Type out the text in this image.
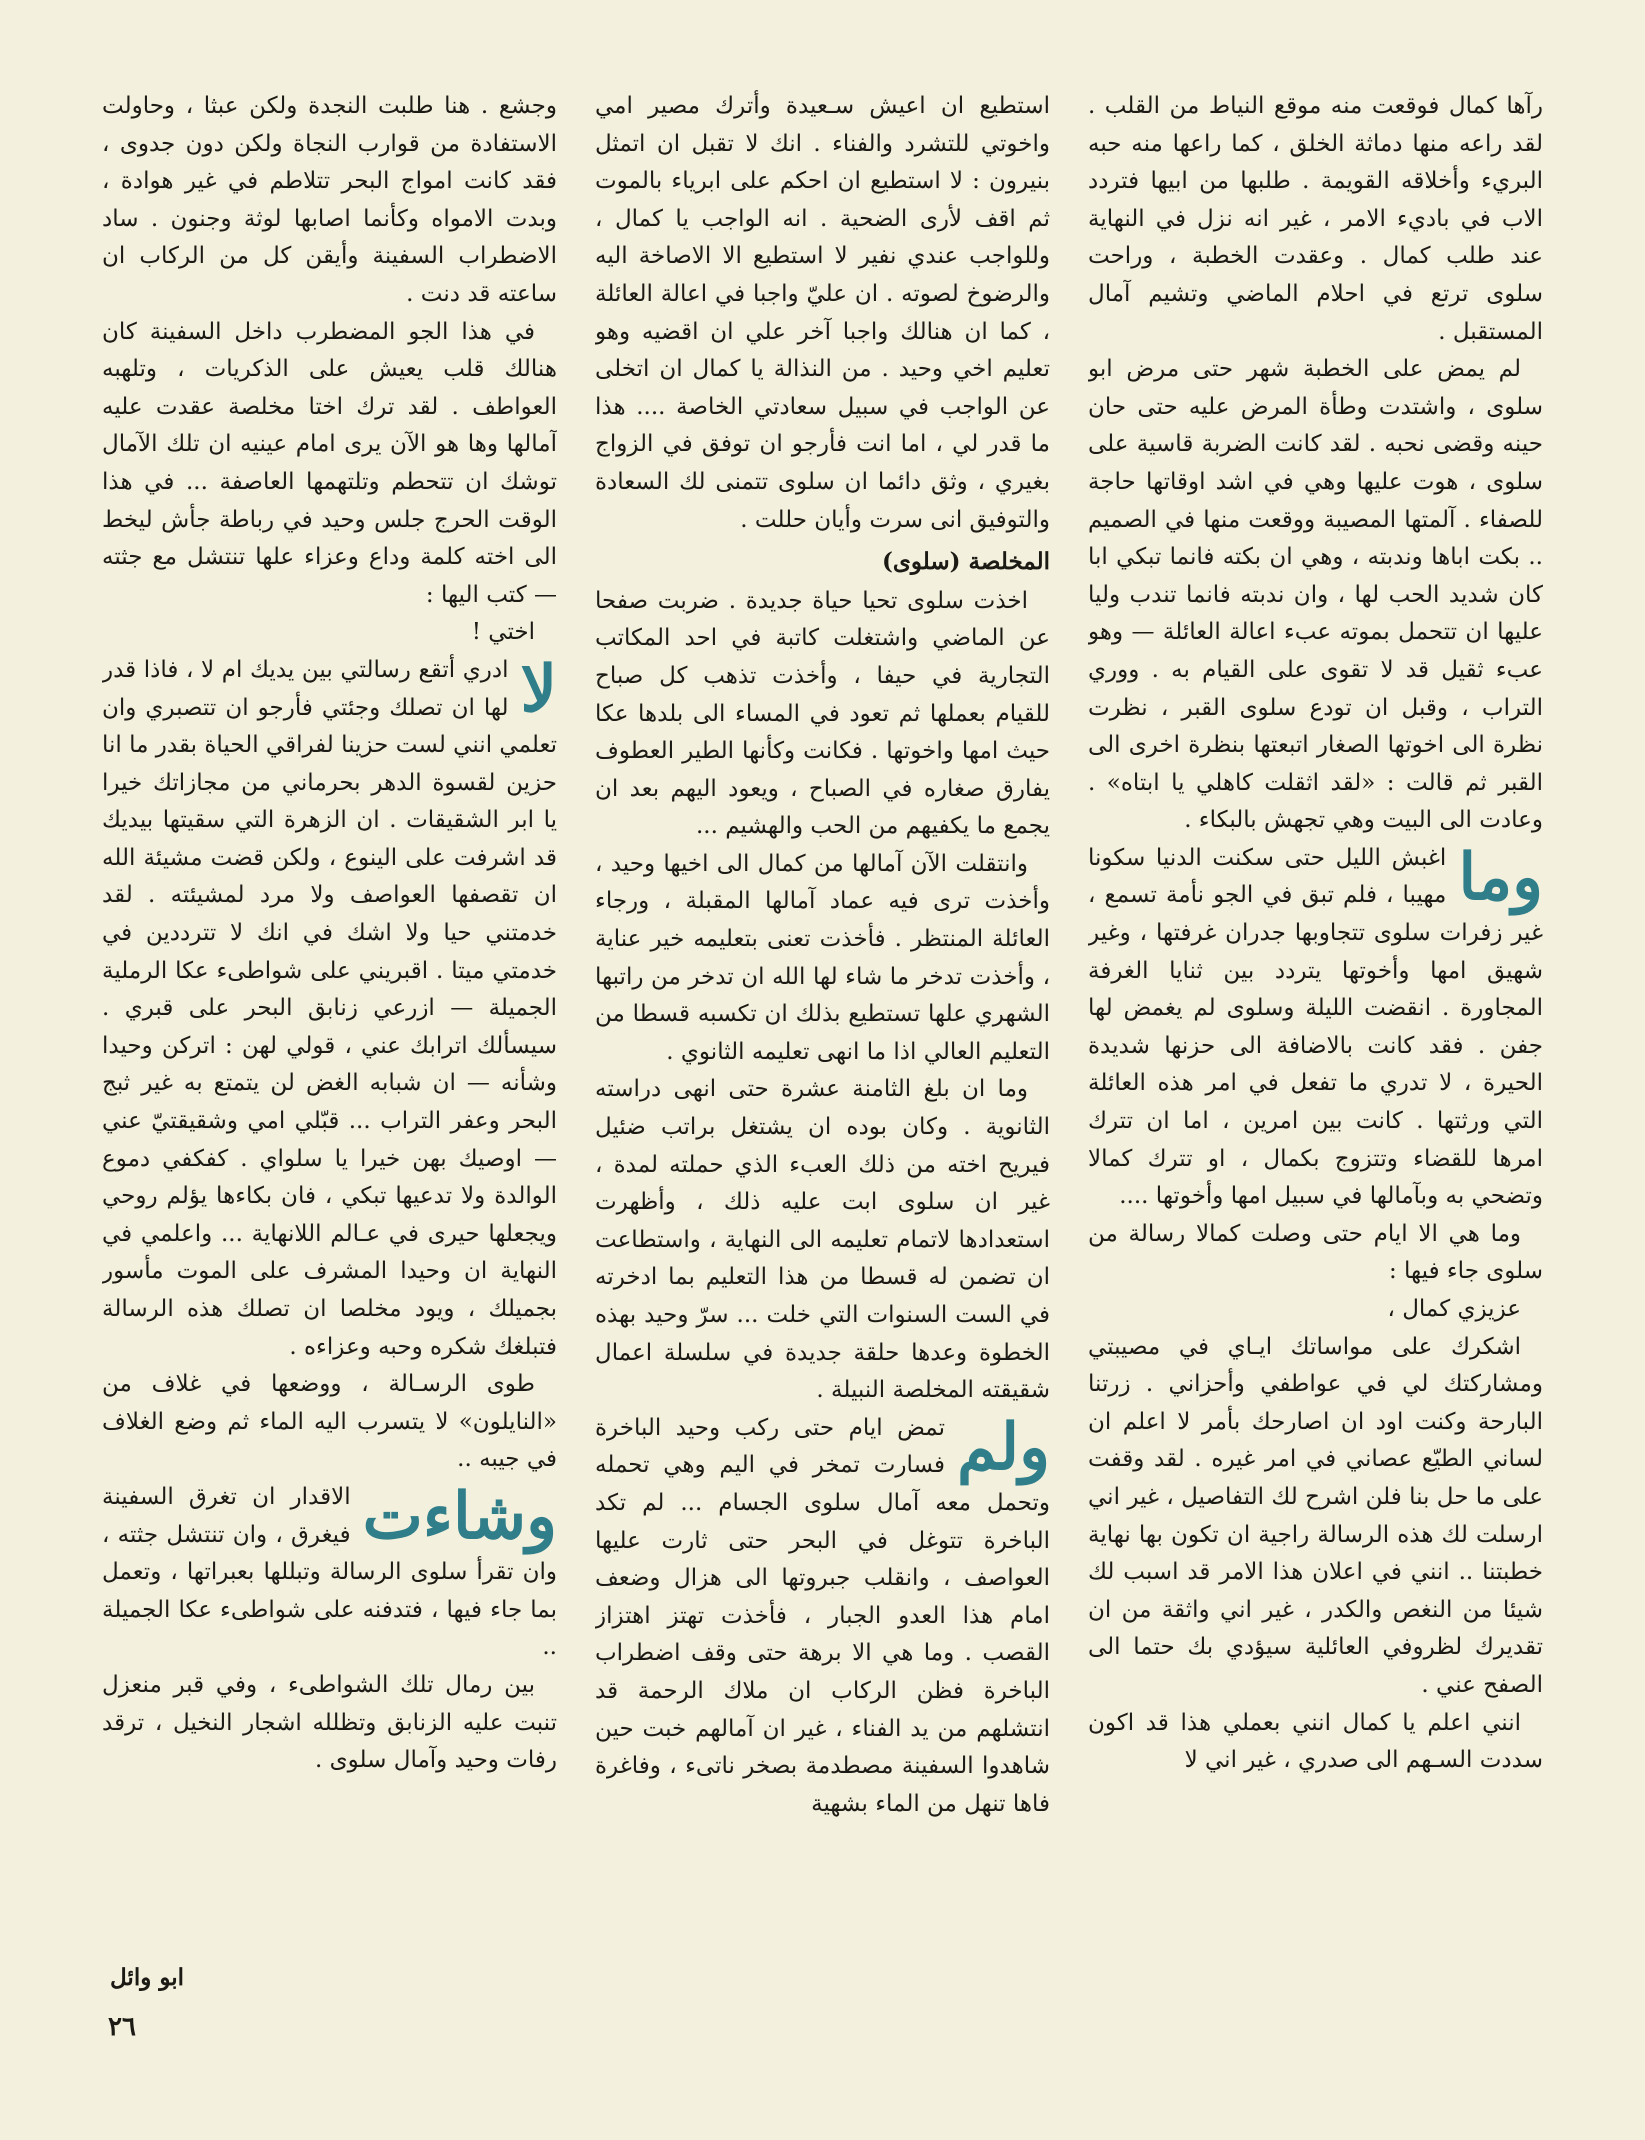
رآها كمال فوقعت منه موقع النياط من القلب . لقد راعه منها دماثة الخلق ، كما راعها منه حبه البريء وأخلاقه القويمة . طلبها من ابيها فتردد الاب في باديء الامر ، غير انه نزل في النهاية عند طلب كمال . وعقدت الخطبة ، وراحت سلوى ترتع في احلام الماضي وتشيم آمال المستقبل .

لم يمض على الخطبة شهر حتى مرض ابو سلوى ، واشتدت وطأة المرض عليه حتى حان حينه وقضى نحبه . لقد كانت الضربة قاسية على سلوى ، هوت عليها وهي في اشد اوقاتها حاجة للصفاء . آلمتها المصيبة ووقعت منها في الصميم .. بكت اباها وندبته ، وهي ان بكته فانما تبكي ابا كان شديد الحب لها ، وان ندبته فانما تندب وليا عليها ان تتحمل بموته عبء اعالة العائلة — وهو عبء ثقيل قد لا تقوى على القيام به . ووري التراب ، وقبل ان تودع سلوى القبر ، نظرت نظرة الى اخوتها الصغار اتبعتها بنظرة اخرى الى القبر ثم قالت : «لقد اثقلت كاهلي يا ابتاه» . وعادت الى البيت وهي تجهش بالبكاء .

وما
اغبش الليل حتى سكنت الدنيا سكونا مهيبا ، فلم تبق في الجو نأمة تسمع ، غير زفرات سلوى تتجاوبها جدران غرفتها ، وغير شهيق امها وأخوتها يتردد بين ثنايا الغرفة المجاورة . انقضت الليلة وسلوى لم يغمض لها جفن . فقد كانت بالاضافة الى حزنها شديدة الحيرة ، لا تدري ما تفعل في امر هذه العائلة التي ورثتها . كانت بين امرين ، اما ان تترك امرها للقضاء وتتزوج بكمال ، او تترك كمالا وتضحي به وبآمالها في سبيل امها وأخوتها ....

وما هي الا ايام حتى وصلت كمالا رسالة من سلوى جاء فيها :

عزيزي كمال ،

اشكرك على مواساتك ايـاي في مصيبتي ومشاركتك لي في عواطفي وأحزاني . زرتنا البارحة وكنت اود ان اصارحك بأمر لا اعلم ان لساني الطيّع عصاني في امر غيره . لقد وقفت على ما حل بنا فلن اشرح لك التفاصيل ، غير اني ارسلت لك هذه الرسالة راجية ان تكون بها نهاية خطبتنا .. انني في اعلان هذا الامر قد اسبب لك شيئا من النغص والكدر ، غير اني واثقة من ان تقديرك لظروفي العائلية سيؤدي بك حتما الى الصفح عني .

انني اعلم يا كمال انني بعملي هذا قد اكون سددت السـهم الى صدري ، غير اني لا

استطيع ان اعيش سـعيدة وأترك مصير امي واخوتي للتشرد والفناء . انك لا تقبل ان اتمثل بنيرون : لا استطيع ان احكم على ابرياء بالموت ثم اقف لأرى الضحية . انه الواجب يا كمال ، وللواجب عندي نفير لا استطيع الا الاصاخة اليه والرضوخ لصوته . ان عليّ واجبا في اعالة العائلة ، كما ان هنالك واجبا آخر علي ان اقضيه وهو تعليم اخي وحيد . من النذالة يا كمال ان اتخلى عن الواجب في سبيل سعادتي الخاصة .... هذا ما قدر لي ، اما انت فأرجو ان توفق في الزواج بغيري ، وثق دائما ان سلوى تتمنى لك السعادة والتوفيق انى سرت وأيان حللت .

المخلصة (سلوى)

اخذت سلوى تحيا حياة جديدة . ضربت صفحا عن الماضي واشتغلت كاتبة في احد المكاتب التجارية في حيفا ، وأخذت تذهب كل صباح للقيام بعملها ثم تعود في المساء الى بلدها عكا حيث امها واخوتها . فكانت وكأنها الطير العطوف يفارق صغاره في الصباح ، ويعود اليهم بعد ان يجمع ما يكفيهم من الحب والهشيم ...

وانتقلت الآن آمالها من كمال الى اخيها وحيد ، وأخذت ترى فيه عماد آمالها المقبلة ، ورجاء العائلة المنتظر . فأخذت تعنى بتعليمه خير عناية ، وأخذت تدخر ما شاء لها الله ان تدخر من راتبها الشهري علها تستطيع بذلك ان تكسبه قسطا من التعليم العالي اذا ما انهى تعليمه الثانوي .

وما ان بلغ الثامنة عشرة حتى انهى دراسته الثانوية . وكان بوده ان يشتغل براتب ضئيل فيريح اخته من ذلك العبء الذي حملته لمدة ، غير ان سلوى ابت عليه ذلك ، وأظهرت استعدادها لاتمام تعليمه الى النهاية ، واستطاعت ان تضمن له قسطا من هذا التعليم بما ادخرته في الست السنوات التي خلت ... سرّ وحيد بهذه الخطوة وعدها حلقة جديدة في سلسلة اعمال شقيقته المخلصة النبيلة .

ولم
تمض ايام حتى ركب وحيد الباخرة فسارت تمخر في اليم وهي تحمله وتحمل معه آمال سلوى الجسام ... لم تكد الباخرة تتوغل في البحر حتى ثارت عليها العواصف ، وانقلب جبروتها الى هزال وضعف امام هذا العدو الجبار ، فأخذت تهتز اهتزاز القصب . وما هي الا برهة حتى وقف اضطراب الباخرة فظن الركاب ان ملاك الرحمة قد انتشلهم من يد الفناء ، غير ان آمالهم خبت حين شاهدوا السفينة مصطدمة بصخر ناتىء ، وفاغرة فاها تنهل من الماء بشهية

وجشع . هنا طلبت النجدة ولكن عبثا ، وحاولت الاستفادة من قوارب النجاة ولكن دون جدوى ، فقد كانت امواج البحر تتلاطم في غير هوادة ، وبدت الامواه وكأنما اصابها لوثة وجنون . ساد الاضطراب السفينة وأيقن كل من الركاب ان ساعته قد دنت .

في هذا الجو المضطرب داخل السفينة كان هنالك قلب يعيش على الذكريات ، وتلهبه العواطف . لقد ترك اختا مخلصة عقدت عليه آمالها وها هو الآن يرى امام عينيه ان تلك الآمال توشك ان تتحطم وتلتهمها العاصفة ... في هذا الوقت الحرج جلس وحيد في رباطة جأش ليخط الى اخته كلمة وداع وعزاء علها تنتشل مع جثته — كتب اليها :

اختي !

لا
ادري أتقع رسالتي بين يديك ام لا ، فاذا قدر لها ان تصلك وجئتي فأرجو ان تتصبري وان تعلمي انني لست حزينا لفراقي الحياة بقدر ما انا حزين لقسوة الدهر بحرماني من مجازاتك خيرا يا ابر الشقيقات . ان الزهرة التي سقيتها بيديك قد اشرفت على الينوع ، ولكن قضت مشيئة الله ان تقصفها العواصف ولا مرد لمشيئته . لقد خدمتني حيا ولا اشك في انك لا تترددين في خدمتي ميتا . اقبريني على شواطىء عكا الرملية الجميلة — ازرعي زنابق البحر على قبري . سيسألك اترابك عني ، قولي لهن : اتركن وحيدا وشأنه — ان شبابه الغض لن يتمتع به غير ثبج البحر وعفر التراب ... قبّلي امي وشقيقتيّ عني — اوصيك بهن خيرا يا سلواي . كفكفي دموع الوالدة ولا تدعيها تبكي ، فان بكاءها يؤلم روحي ويجعلها حيرى في عـالم اللانهاية ... واعلمي في النهاية ان وحيدا المشرف على الموت مأسور بجميلك ، ويود مخلصا ان تصلك هذه الرسالة فتبلغك شكره وحبه وعزاءه .

طوى الرسـالة ، ووضعها في غلاف من «النايلون» لا يتسرب اليه الماء ثم وضع الغلاف في جيبه ..

وشاءت
الاقدار ان تغرق السفينة فيغرق ، وان تنتشل جثته ، وان تقرأ سلوى الرسالة وتبللها بعبراتها ، وتعمل بما جاء فيها ، فتدفنه على شواطىء عكا الجميلة ..

بين رمال تلك الشواطىء ، وفي قبر منعزل تنبت عليه الزنابق وتظلله اشجار النخيل ، ترقد رفات وحيد وآمال سلوى .

ابو وائل
٢٦
